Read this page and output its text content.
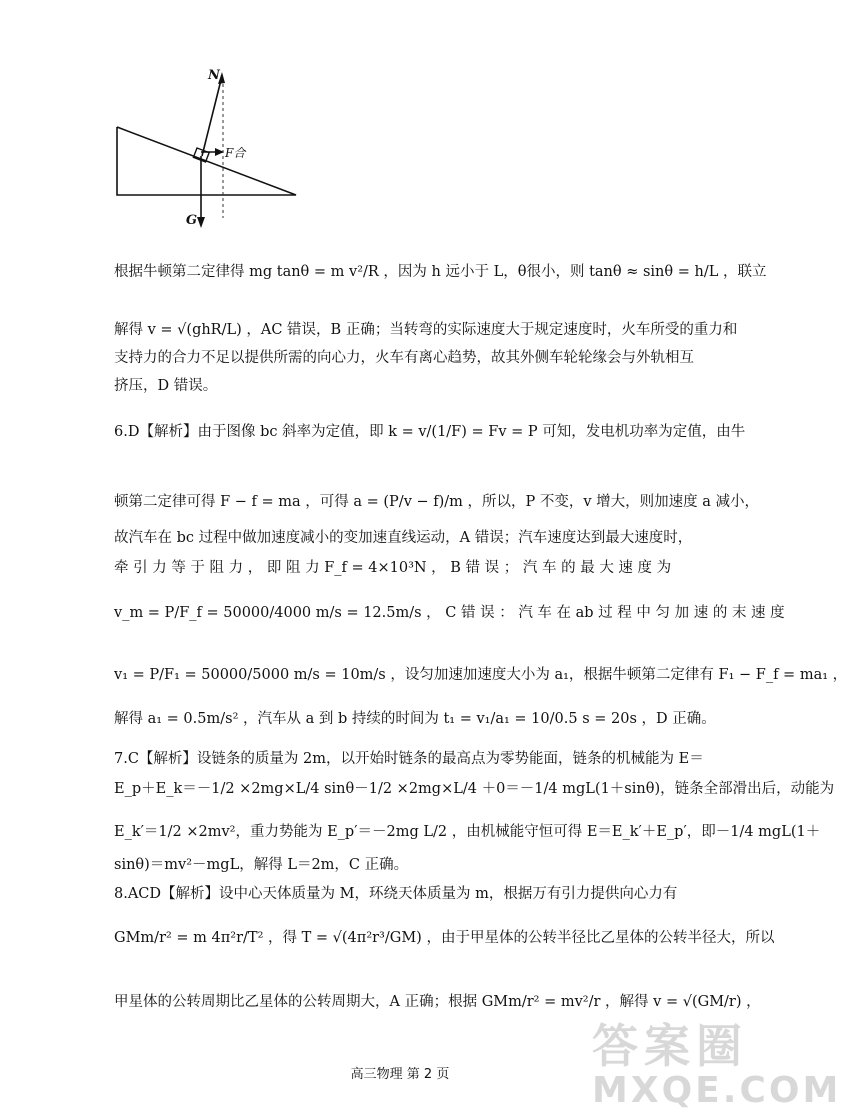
N
F合
G
根据牛顿第二定律得 mg tanθ = m v²/R ，因为 h 远小于 L，θ很小，则 tanθ ≈ sinθ = h/L ，联立
解得 v = √(ghR/L) ，AC 错误，B 正确；当转弯的实际速度大于规定速度时，火车所受的重力和
支持力的合力不足以提供所需的向心力，火车有离心趋势，故其外侧车轮轮缘会与外轨相互
挤压，D 错误。
6.D【解析】由于图像 bc 斜率为定值，即 k = v/(1/F) = Fv = P 可知，发电机功率为定值，由牛
顿第二定律可得 F − f = ma ，可得 a = (P/v − f)/m ，所以，P 不变，v 增大，则加速度 a 减小，
故汽车在 bc 过程中做加速度减小的变加速直线运动，A 错误；汽车速度达到最大速度时，
牵 引 力 等 于 阻 力 ， 即 阻 力 F_f = 4×10³N ， B 错 误 ； 汽 车 的 最 大 速 度 为
v_m = P/F_f = 50000/4000 m/s = 12.5m/s ， C 错 误 ： 汽 车 在 ab 过 程 中 匀 加 速 的 末 速 度
v₁ = P/F₁ = 50000/5000 m/s = 10m/s ，设匀加速加速度大小为 a₁，根据牛顿第二定律有 F₁ − F_f = ma₁ ，
解得 a₁ = 0.5m/s² ，汽车从 a 到 b 持续的时间为 t₁ = v₁/a₁ = 10/0.5 s = 20s ，D 正确。
7.C【解析】设链条的质量为 2m，以开始时链条的最高点为零势能面，链条的机械能为 E＝
E_p＋E_k＝－1/2 ×2mg×L/4 sinθ－1/2 ×2mg×L/4 ＋0＝－1/4 mgL(1＋sinθ)，链条全部滑出后，动能为
E_k′＝1/2 ×2mv²，重力势能为 E_p′＝－2mg L/2 ，由机械能守恒可得 E＝E_k′＋E_p′，即－1/4 mgL(1＋
sinθ)＝mv²－mgL，解得 L＝2m，C 正确。
8.ACD【解析】设中心天体质量为 M，环绕天体质量为 m，根据万有引力提供向心力有
GMm/r² = m 4π²r/T² ，得 T = √(4π²r³/GM) ，由于甲星体的公转半径比乙星体的公转半径大，所以
甲星体的公转周期比乙星体的公转周期大，A 正确；根据 GMm/r² = mv²/r ，解得 v = √(GM/r) ，
高三物理 第 2 页
答案圈
MXQE.COM
